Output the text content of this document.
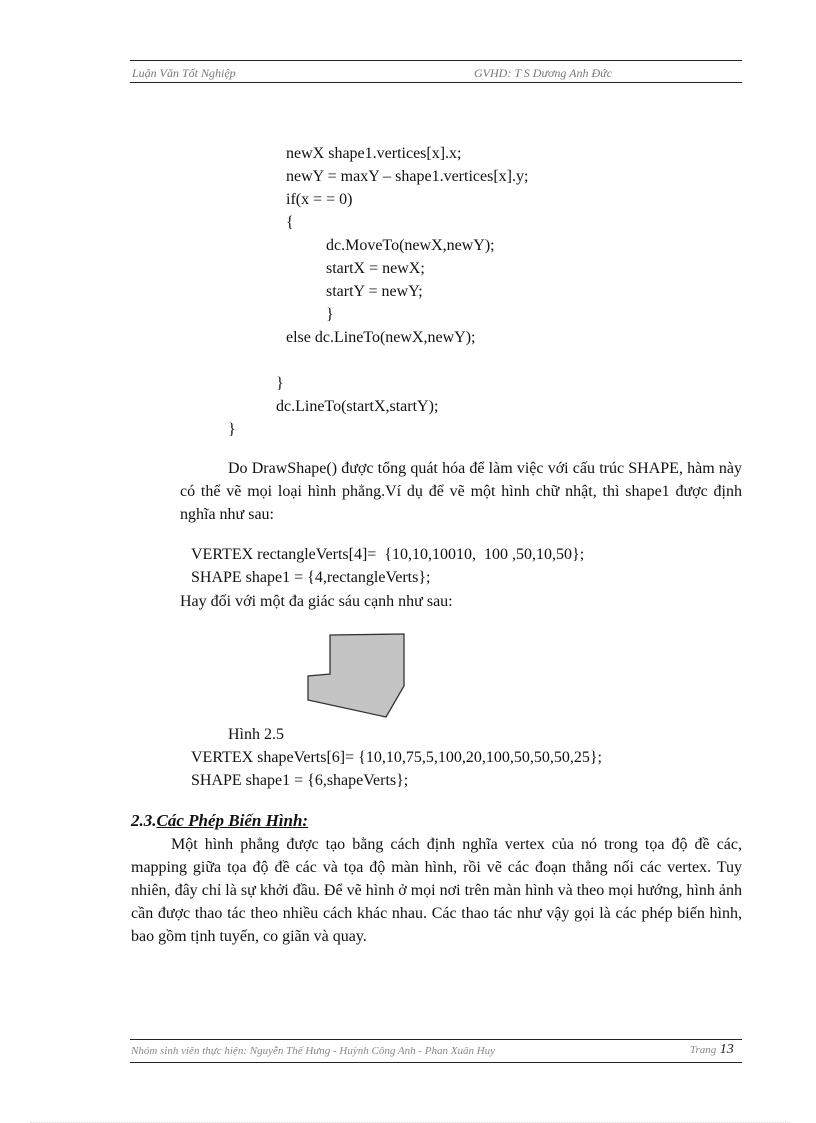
Luận Văn Tốt Nghiệp	GVHD: T S Dương Anh Đức
newX shape1.vertices[x].x;
newY = maxY – shape1.vertices[x].y;
if(x = = 0)
{
dc.MoveTo(newX,newY);
startX = newX;
startY = newY;
}
else dc.LineTo(newX,newY);
}
dc.LineTo(startX,startY);
}

Do DrawShape() được tổng quát hóa để làm việc với cấu trúc SHAPE, hàm này có thể vẽ mọi loại hình phẳng.Ví dụ để vẽ một hình chữ nhật, thì shape1 được định nghĩa như sau:

VERTEX rectangleVerts[4]=  {10,10,10010,  100 ,50,10,50};
SHAPE shape1 = {4,rectangleVerts};
Hay đối với một đa giác sáu cạnh như sau:
Hình 2.5
VERTEX shapeVerts[6]= {10,10,75,5,100,20,100,50,50,50,25};
SHAPE shape1 = {6,shapeVerts};
2.3.Các Phép Biến Hình:

Một hình phẳng được tạo bằng cách định nghĩa vertex của nó trong tọa độ đề các, mapping giữa tọa độ đề các và tọa độ màn hình, rồi vẽ các đoạn thẳng nối các vertex. Tuy nhiên, đây chỉ là sự khởi đầu. Để vẽ hình ở mọi nơi trên màn hình và theo mọi hướng, hình ảnh cần được thao tác theo nhiều cách khác nhau. Các thao tác như vậy gọi là các phép biến hình, bao gồm tịnh tuyến, co giãn và quay.

Nhóm sinh viên thực hiện: Nguyễn Thế Hưng - Huỳnh Công Anh - Phan Xuân Huy	Trang 13
